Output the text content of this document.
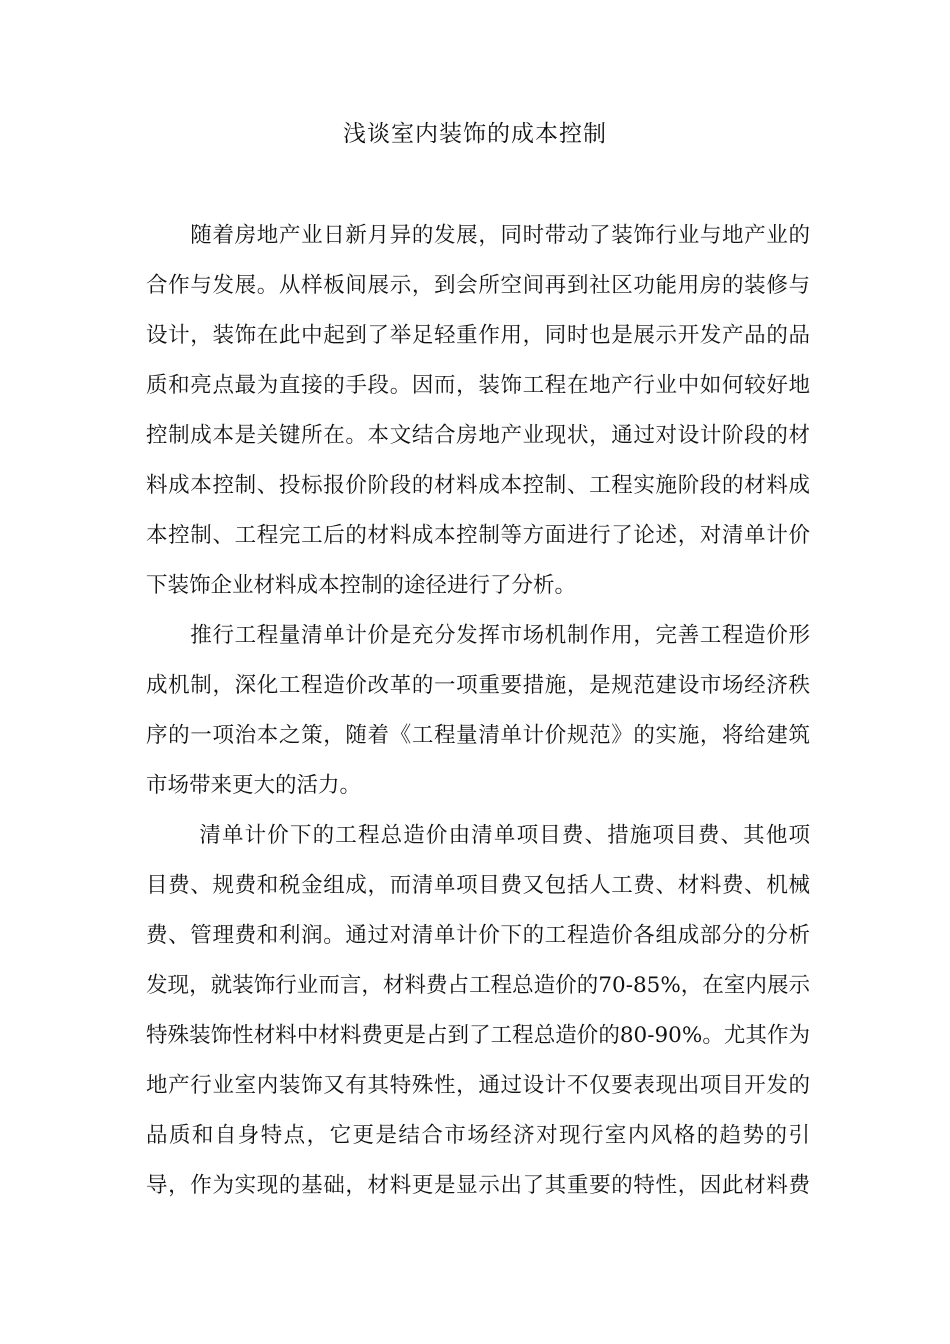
浅谈室内装饰的成本控制
　　随着房地产业日新月异的发展，同时带动了装饰行业与地产业的
合作与发展。从样板间展示，到会所空间再到社区功能用房的装修与
设计，装饰在此中起到了举足轻重作用，同时也是展示开发产品的品
质和亮点最为直接的手段。因而，装饰工程在地产行业中如何较好地
控制成本是关键所在。本文结合房地产业现状，通过对设计阶段的材
料成本控制、投标报价阶段的材料成本控制、工程实施阶段的材料成
本控制、工程完工后的材料成本控制等方面进行了论述，对清单计价
下装饰企业材料成本控制的途径进行了分析。
　　推行工程量清单计价是充分发挥市场机制作用，完善工程造价形
成机制，深化工程造价改革的一项重要措施，是规范建设市场经济秩
序的一项治本之策，随着《工程量清单计价规范》的实施，将给建筑
市场带来更大的活力。
　　 清单计价下的工程总造价由清单项目费、措施项目费、其他项
目费、规费和税金组成，而清单项目费又包括人工费、材料费、机械
费、管理费和利润。通过对清单计价下的工程造价各组成部分的分析
发现，就装饰行业而言，材料费占工程总造价的70-85%，在室内展示
特殊装饰性材料中材料费更是占到了工程总造价的80-90%。尤其作为
地产行业室内装饰又有其特殊性，通过设计不仅要表现出项目开发的
品质和自身特点，它更是结合市场经济对现行室内风格的趋势的引
导，作为实现的基础，材料更是显示出了其重要的特性，因此材料费
